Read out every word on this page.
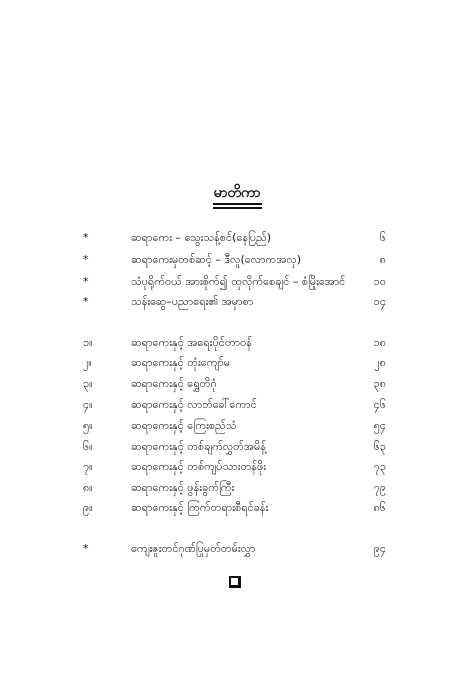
မာတိကာ
*	ဆရာကေး – သွေးသန့်စင်(နေပြည်)	၆
*	ဆရာကေးမှတစ်ဆင့် – ဒီလူ(လောကအလှ)	၈
*	သံပုရိုက်ဝယ် အားစိုက်၍ ထုလိုက်စေချင် – စံမြိုးအောင်	၁၀
*	သန်းဆွေ–ပညာရေး၏ အမှာစာ	၁၄
၁။	ဆရာကေးနှင့် အရေးပိုင်တာဝန်	၁၈
၂။	ဆရာကေးနှင့် တုံးကျော်မ	၂၈
၃။	ဆရာကေးနှင့် ရွှေတိဂုံ	၃၈
၄။	ဆရာကေးနှင့် လာဘ်ခေါ်ကောင်	၄၆
၅။	ဆရာကေးနှင့် ကြေးစည်သံ	၅၄
၆။	ဆရာကေးနှင့် တစ်ချက်လွှတ်အမိန့်	၆၃
၇။	ဆရာကေးနှင့် တစ်ကျပ်သားတန်ဖိုး	၇၃
၈။	ဆရာကေးနှင့် ဖွန်းခွက်ကြီး	၇၉
၉။	ဆရာကေးနှင့် ကြက်တရားစီရင်ခန်း	၈၆
*	ကျေးဇူးတင်ဂုဏ်ပြုမှတ်တမ်းလွှာ	၉၄
